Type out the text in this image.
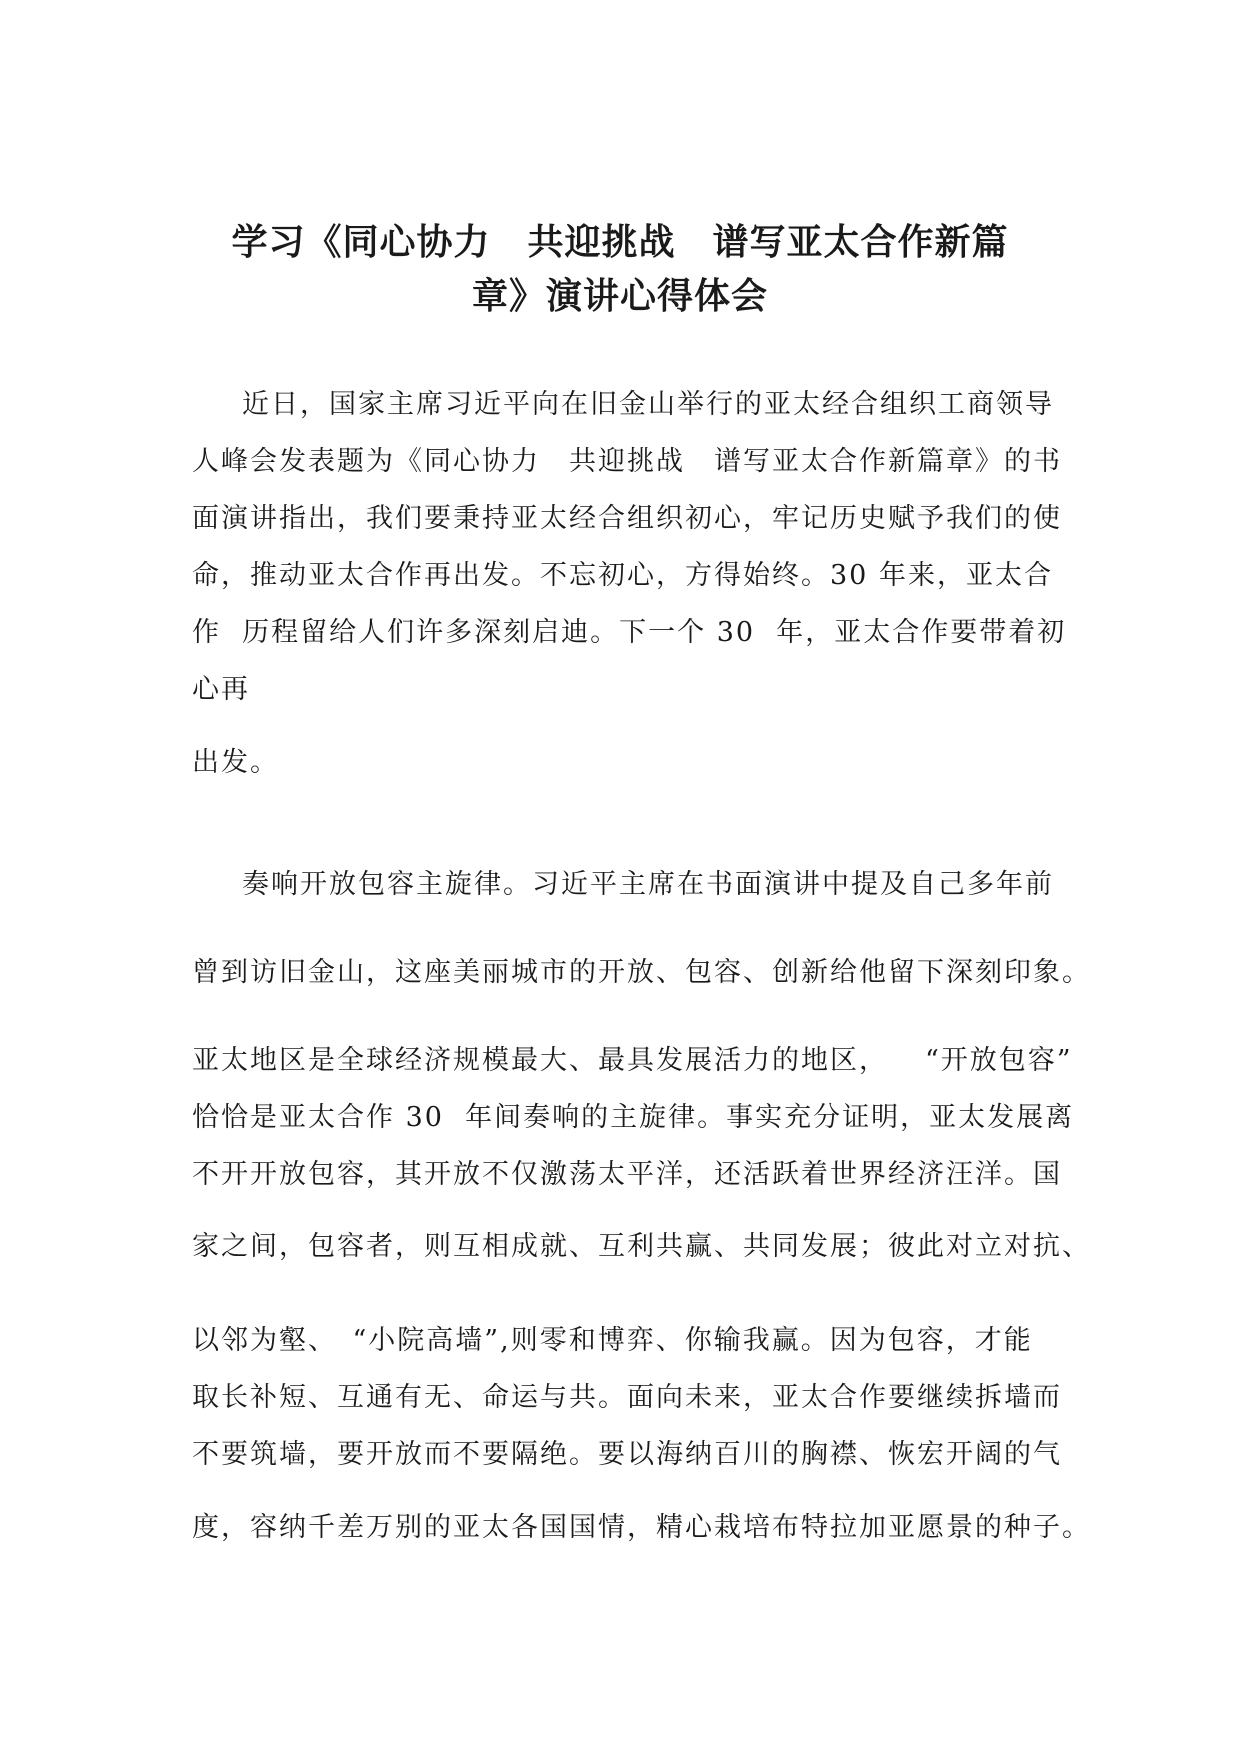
学习《同心协力　共迎挑战　谱写亚太合作新篇
章》演讲心得体会
近日，国家主席习近平向在旧金山举行的亚太经合组织工商领导
人峰会发表题为《同心协力　共迎挑战　谱写亚太合作新篇章》的书
面演讲指出，我们要秉持亚太经合组织初心，牢记历史赋予我们的使
命，推动亚太合作再出发。不忘初心，方得始终。30 年来，亚太合
作  历程留给人们许多深刻启迪。下一个 30  年，亚太合作要带着初
心再
出发。
奏响开放包容主旋律。习近平主席在书面演讲中提及自己多年前
曾到访旧金山，这座美丽城市的开放、包容、创新给他留下深刻印象。
亚太地区是全球经济规模最大、最具发展活力的地区， “开放包容”
恰恰是亚太合作 30  年间奏响的主旋律。事实充分证明，亚太发展离
不开开放包容，其开放不仅激荡太平洋，还活跃着世界经济汪洋。国
家之间，包容者，则互相成就、互利共赢、共同发展；彼此对立对抗、
以邻为壑、　“小院高墙”,则零和博弈、你输我赢。因为包容，才能
取长补短、互通有无、命运与共。面向未来，亚太合作要继续拆墙而
不要筑墙，要开放而不要隔绝。要以海纳百川的胸襟、恢宏开阔的气
度，容纳千差万别的亚太各国国情，精心栽培布特拉加亚愿景的种子。
